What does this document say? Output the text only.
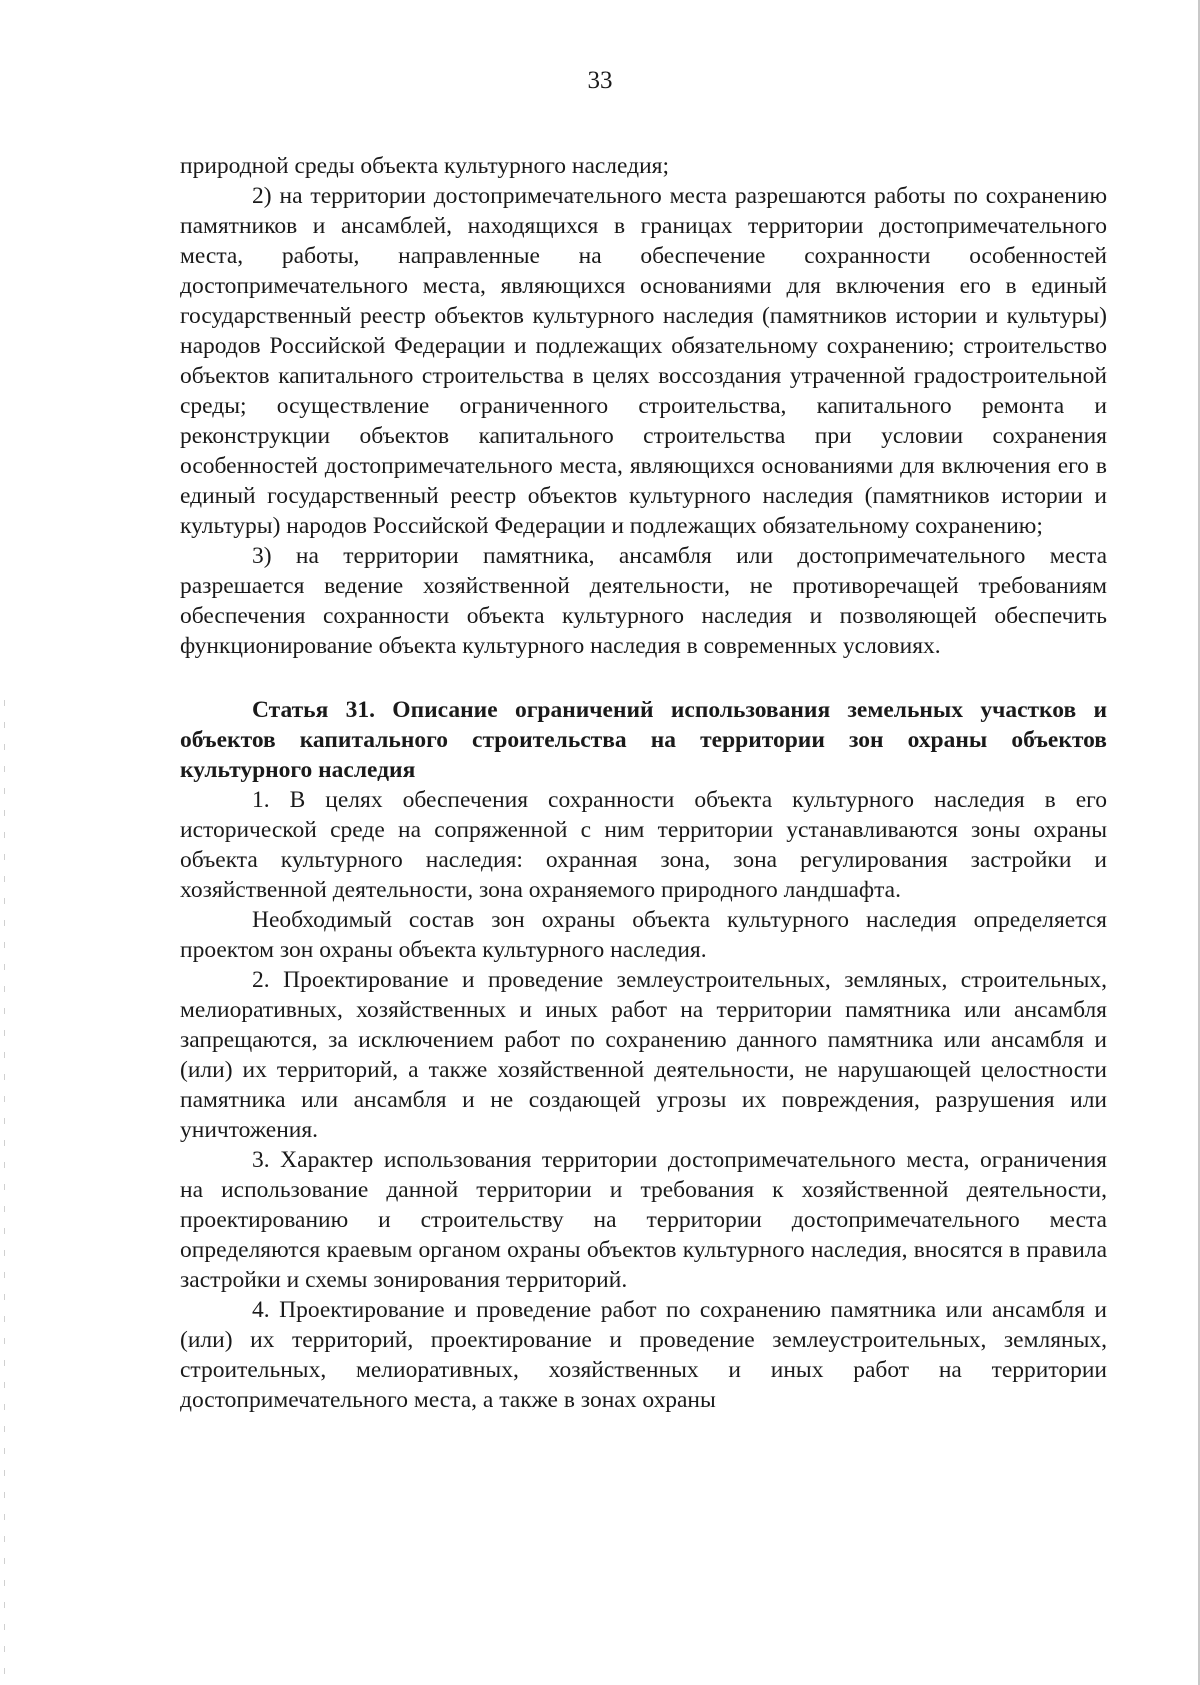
33

природной среды объекта культурного наследия;

2) на территории достопримечательного места разрешаются работы по сохранению памятников и ансамблей, находящихся в границах территории достопримечательного места, работы, направленные на обеспечение сохранности особенностей достопримечательного места, являющихся основаниями для включения его в единый государственный реестр объектов культурного наследия (памятников истории и культуры) народов Российской Федерации и подлежащих обязательному сохранению; строительство объектов капитального строительства в целях воссоздания утраченной градостроительной среды; осуществление ограниченного строительства, капитального ремонта и реконструкции объектов капитального строительства при условии сохранения особенностей достопримечательного места, являющихся основаниями для включения его в единый государственный реестр объектов культурного наследия (памятников истории и культуры) народов Российской Федерации и подлежащих обязательному сохранению;

3) на территории памятника, ансамбля или достопримечательного места разрешается ведение хозяйственной деятельности, не противоречащей требованиям обеспечения сохранности объекта культурного наследия и позволяющей обеспечить функционирование объекта культурного наследия в современных условиях.

Статья 31. Описание ограничений использования земельных участков и объектов капитального строительства на территории зон охраны объектов культурного наследия

1. В целях обеспечения сохранности объекта культурного наследия в его исторической среде на сопряженной с ним территории устанавливаются зоны охраны объекта культурного наследия: охранная зона, зона регулирования застройки и хозяйственной деятельности, зона охраняемого природного ландшафта.

Необходимый состав зон охраны объекта культурного наследия определяется проектом зон охраны объекта культурного наследия.

2. Проектирование и проведение землеустроительных, земляных, строительных, мелиоративных, хозяйственных и иных работ на территории памятника или ансамбля запрещаются, за исключением работ по сохранению данного памятника или ансамбля и (или) их территорий, а также хозяйственной деятельности, не нарушающей целостности памятника или ансамбля и не создающей угрозы их повреждения, разрушения или уничтожения.

3. Характер использования территории достопримечательного места, ограничения на использование данной территории и требования к хозяйственной деятельности, проектированию и строительству на территории достопримечательного места определяются краевым органом охраны объектов культурного наследия, вносятся в правила застройки и схемы зонирования территорий.

4. Проектирование и проведение работ по сохранению памятника или ансамбля и (или) их территорий, проектирование и проведение землеустроительных, земляных, строительных, мелиоративных, хозяйственных и иных работ на территории достопримечательного места, а также в зонах охраны
